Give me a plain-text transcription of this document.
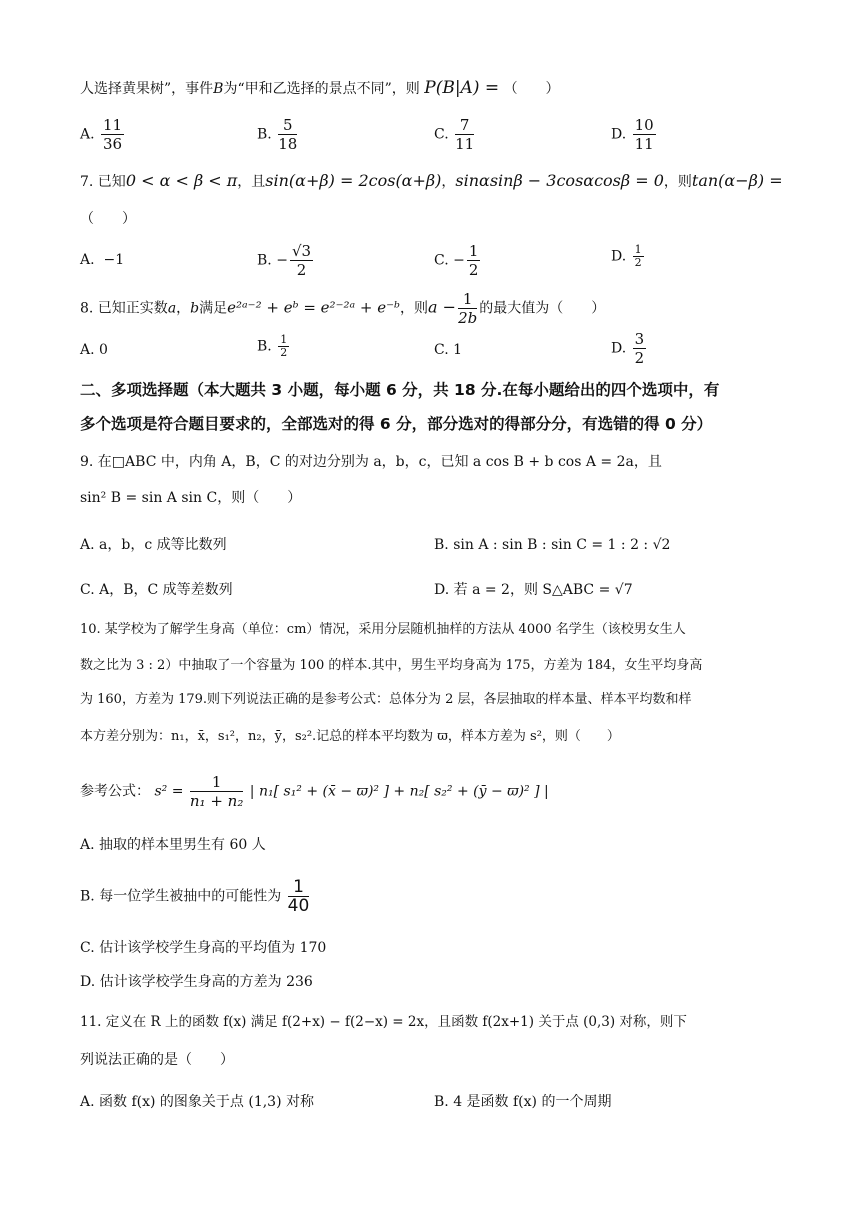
人选择黄果树”，事件B为“甲和乙选择的景点不同”，则 P(B|A) = （　　）
A. $\frac{11}{36}$	B. $\frac{5}{18}$	C. $\frac{7}{11}$	D. $\frac{10}{11}$
7. 已知0 < α < β < π，且sin(α+β) = 2cos(α+β)，sinαsinβ − 3cosαcosβ = 0，则tan(α−β) =
（　　）
A. −1	B. − $\frac{√3}{2}$	C. − $\frac{1}{2}$	D. $\frac{1}{2}$
8. 已知正实数a，b满足e²ᵃ⁻² + eᵇ = e²⁻²ᵃ + e⁻ᵇ，则$a - \frac{1}{2b}$ 的最大值为（　　）
A. 0	B. $\frac{1}{2}$	C. 1	D. $\frac{3}{2}$
二、多项选择题（本大题共 3 小题，每小题 6 分，共 18 分.在每小题给出的四个选项中，有
多个选项是符合题目要求的，全部选对的得 6 分，部分选对的得部分分，有选错的得 0 分）
9. 在□ABC 中，内角 A，B，C 的对边分别为 a，b，c，已知 a cos B + b cos A = 2a，且
sin² B = sin A sin C，则（　　）
A. a，b，c 成等比数列	B. sin A : sin B : sin C = 1 : 2 : √2
C. A，B，C 成等差数列	D. 若 a = 2，则 S△ABC = √7
10. 某学校为了解学生身高（单位：cm）情况，采用分层随机抽样的方法从 4000 名学生（该校男女生人
数之比为 3 : 2）中抽取了一个容量为 100 的样本.其中，男生平均身高为 175，方差为 184，女生平均身高
为 160，方差为 179.则下列说法正确的是参考公式：总体分为 2 层，各层抽取的样本量、样本平均数和样
本方差分别为：n₁，x̄，s₁²，n₂，ȳ，s₂².记总的样本平均数为 ϖ，样本方差为 s²，则（　　）
参考公式： $s^2 = \frac{1}{\text{n₁ + n₂}}$ | n₁[ s₁² + (x̄ − ϖ)² ] + n₂[ s₂² + (ȳ − ϖ)² ] |
A. 抽取的样本里男生有 60 人
B. 每一位学生被抽中的可能性为 $\frac{1}{40}$
C. 估计该学校学生身高的平均值为 170
D. 估计该学校学生身高的方差为 236
11. 定义在 R 上的函数 f(x) 满足 f(2+x) − f(2−x) = 2x，且函数 f(2x+1) 关于点 (0,3) 对称，则下
列说法正确的是（　　）
A. 函数 f(x) 的图象关于点 (1,3) 对称	B. 4 是函数 f(x) 的一个周期
